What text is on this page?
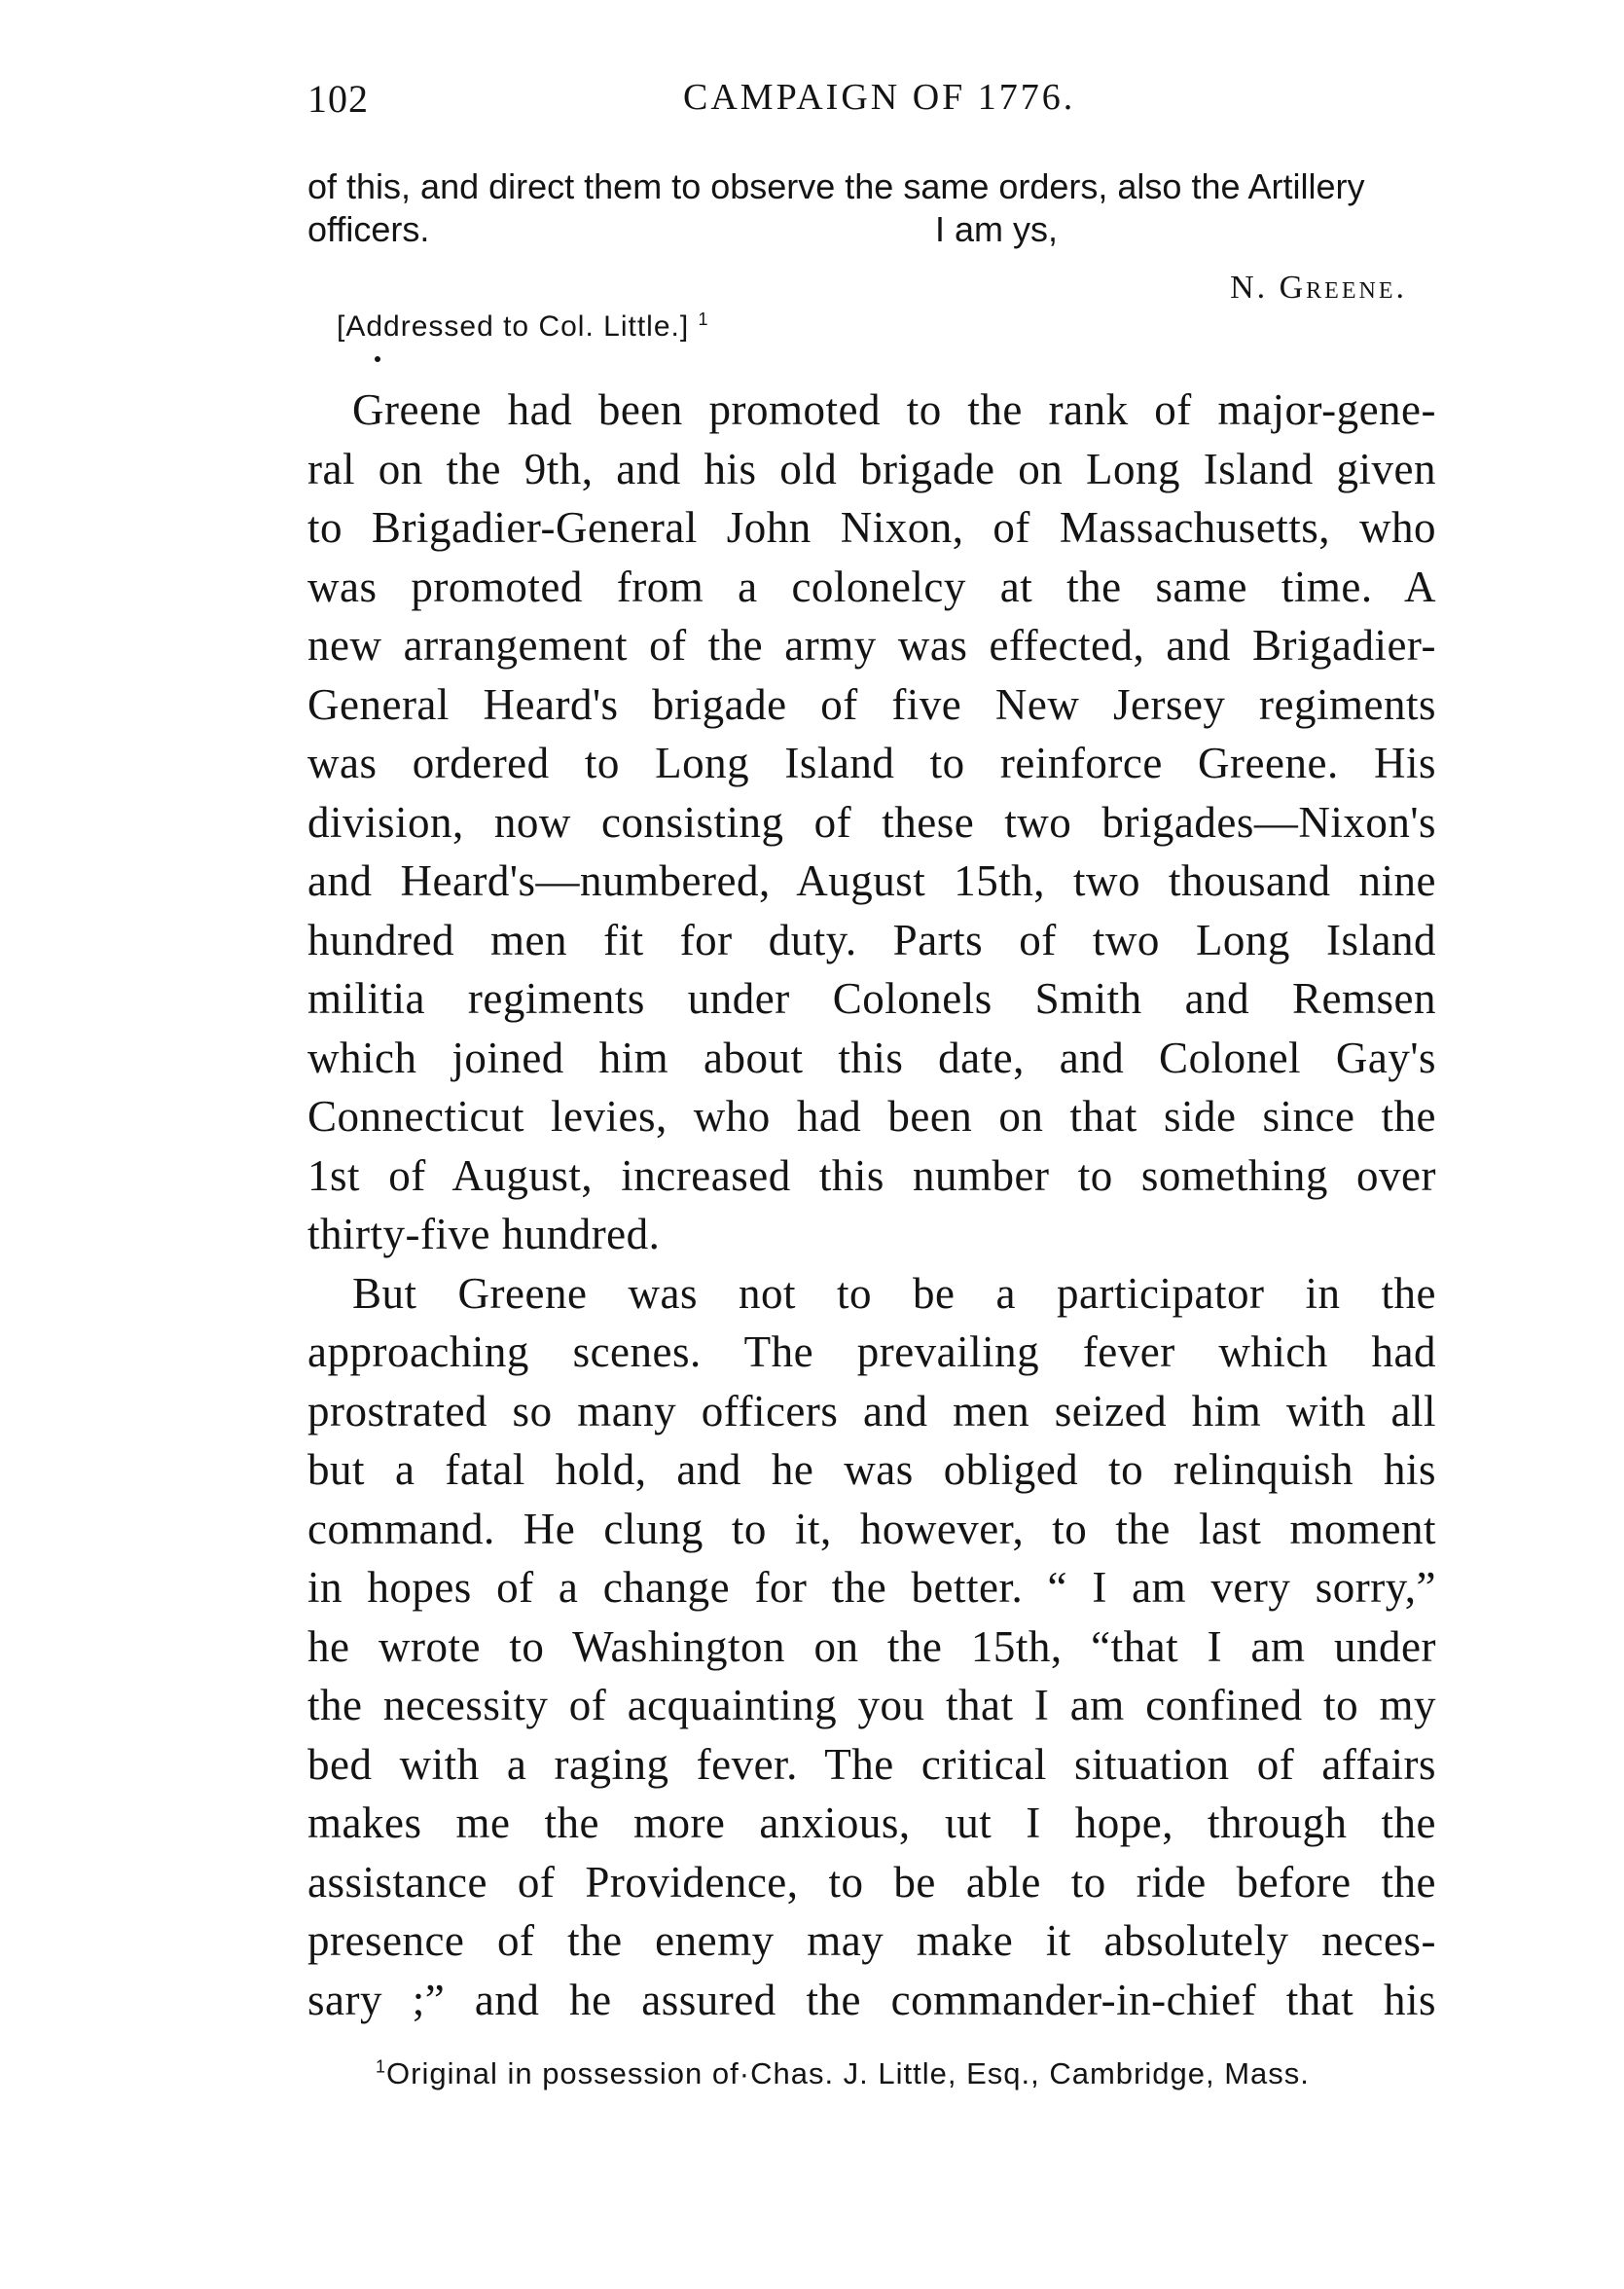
102	CAMPAIGN OF 1776.
of this, and direct them to observe the same orders, also the Artillery
officers.	I am ys,
N. Greene.
[Addressed to Col. Little.] $^1$
Greene had been promoted to the rank of major-gene-
ral on the 9th, and his old brigade on Long Island given
to Brigadier-General John Nixon, of Massachusetts, who
was promoted from a colonelcy at the same time. A
new arrangement of the army was effected, and Brigadier-
General Heard's brigade of five New Jersey regiments
was ordered to Long Island to reinforce Greene. His
division, now consisting of these two brigades—Nixon's
and Heard's—numbered, August 15th, two thousand nine
hundred men fit for duty. Parts of two Long Island
militia regiments under Colonels Smith and Remsen
which joined him about this date, and Colonel Gay's
Connecticut levies, who had been on that side since the
1st of August, increased this number to something over
thirty-five hundred.
But Greene was not to be a participator in the
approaching scenes. The prevailing fever which had
prostrated so many officers and men seized him with all
but a fatal hold, and he was obliged to relinquish his
command. He clung to it, however, to the last moment
in hopes of a change for the better. “ I am very sorry,”
he wrote to Washington on the 15th, “that I am under
the necessity of acquainting you that I am confined to my
bed with a raging fever. The critical situation of affairs
makes me the more anxious, ιut I hope, through the
assistance of Providence, to be able to ride before the
presence of the enemy may make it absolutely neces-
sary ;” and he assured the commander-in-chief that his
$^1$Original in possession of·Chas. J. Little, Esq., Cambridge, Mass.
